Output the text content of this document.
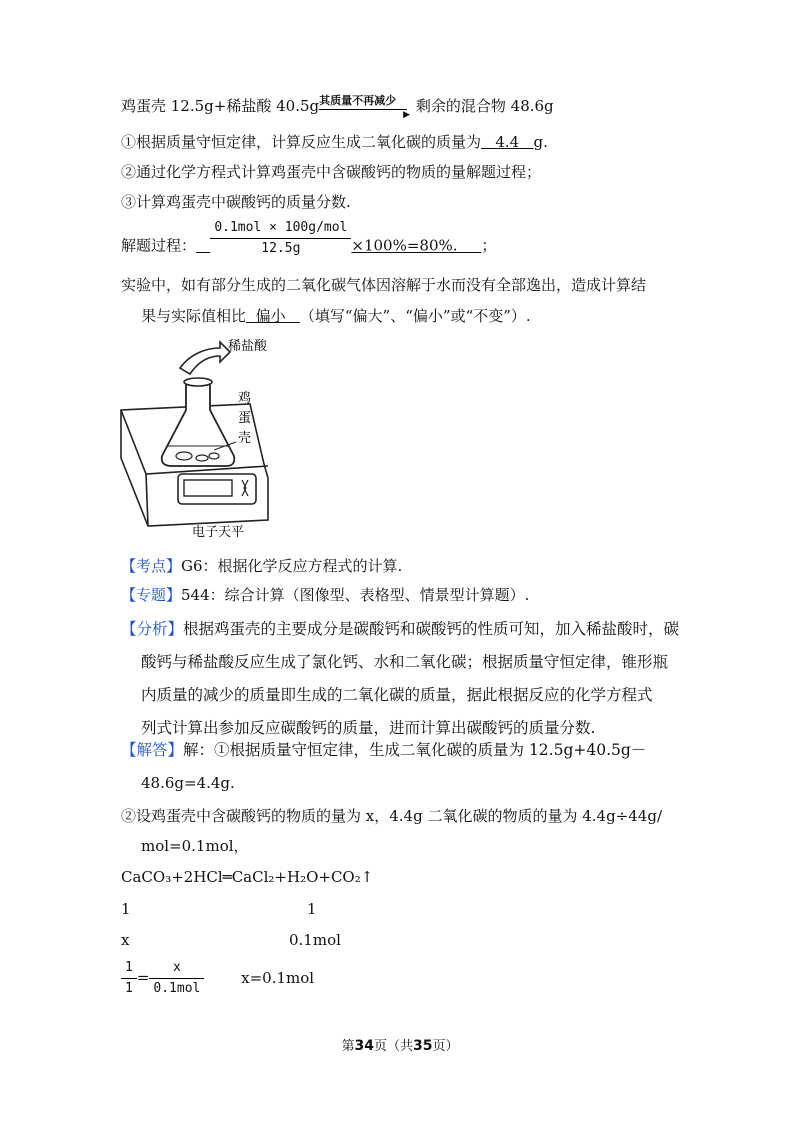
鸡蛋壳 12.5g+稀盐酸 40.5g 其质量不再减少
▶ 剩余的混合物 48.6g
①根据质量守恒定律，计算反应生成二氧化碳的质量为 4.4 g.
②通过化学方程式计算鸡蛋壳中含碳酸钙的物质的量解题过程；
③计算鸡蛋壳中碳酸钙的质量分数.
解题过程： $\frac{\text{0.1mol × 100g/mol}}{12.5g} \times 100\%=80\%$. ；
实验中，如有部分生成的二氧化碳气体因溶解于水而没有全部逸出，造成计算结
果与实际值相比 偏小 （填写“偏大”、“偏小”或“不变”）.
稀盐酸
鸡
蛋
壳
电子天平
【考点】G6：根据化学反应方程式的计算.
【专题】544：综合计算（图像型、表格型、情景型计算题）.
【分析】根据鸡蛋壳的主要成分是碳酸钙和碳酸钙的性质可知，加入稀盐酸时，碳
酸钙与稀盐酸反应生成了氯化钙、水和二氧化碳；根据质量守恒定律，锥形瓶
内质量的减少的质量即生成的二氧化碳的质量，据此根据反应的化学方程式
列式计算出参加反应碳酸钙的质量，进而计算出碳酸钙的质量分数.
【解答】解：①根据质量守恒定律，生成二氧化碳的质量为 12.5g+40.5g－
48.6g=4.4g.
②设鸡蛋壳中含碳酸钙的物质的量为 x，4.4g 二氧化碳的物质的量为 4.4g÷44g/
mol=0.1mol，
CaCO₃+2HCl═CaCl₂+H₂O+CO₂↑
1	1
x	0.1mol
$\frac{1}{1} = \frac{x}{\text{0.1mol}} x=0.1mol$
第34页（共35页）
